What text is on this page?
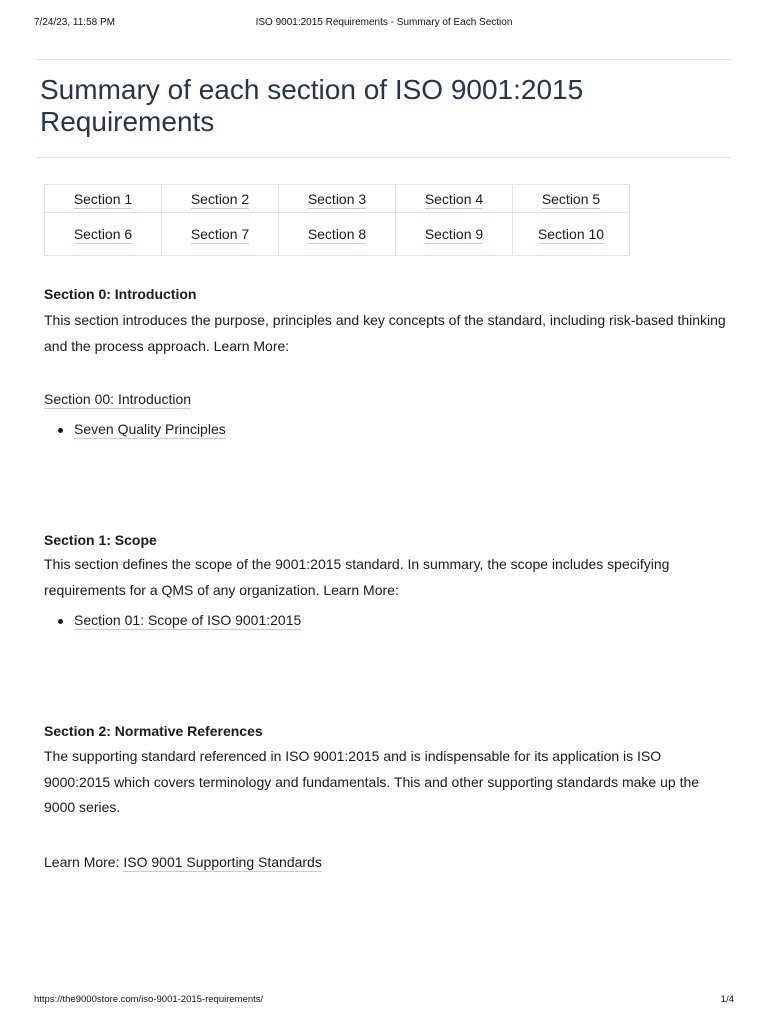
7/24/23, 11:58 PM	ISO 9001:2015 Requirements - Summary of Each Section
Summary of each section of ISO 9001:2015 Requirements
Section 1	Section 2	Section 3	Section 4	Section 5
Section 6	Section 7	Section 8	Section 9	Section 10
Section 0: Introduction
This section introduces the purpose, principles and key concepts of the standard, including risk-based thinking and the process approach. Learn More:
Section 00: Introduction
Seven Quality Principles
Section 1: Scope
This section defines the scope of the 9001:2015 standard. In summary, the scope includes specifying requirements for a QMS of any organization. Learn More:
Section 01: Scope of ISO 9001:2015
Section 2: Normative References
The supporting standard referenced in ISO 9001:2015 and is indispensable for its application is ISO 9000:2015 which covers terminology and fundamentals. This and other supporting standards make up the 9000 series.
Learn More: ISO 9001 Supporting Standards
https://the9000store.com/iso-9001-2015-requirements/	1/4
